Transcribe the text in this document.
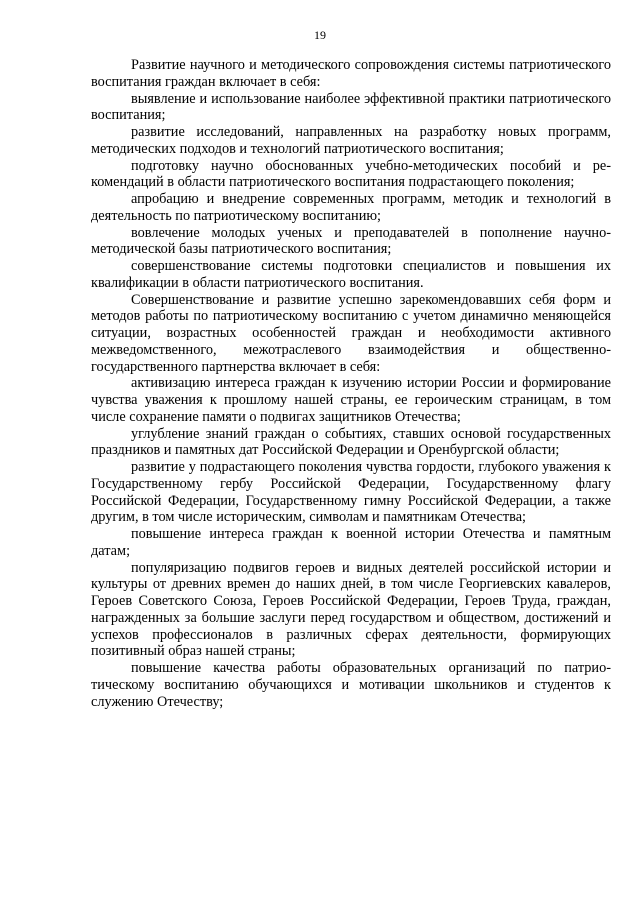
19

Развитие научного и методического сопровождения системы патриотического воспитания граждан включает в себя:

выявление и использование наиболее эффективной практики патриотического воспитания;

развитие исследований, направленных на разработку новых программ, методических подходов и технологий патриотического воспитания;

подготовку научно обоснованных учебно-методических пособий и рекомендаций в области патриотического воспитания подрастающего поколения;

апробацию и внедрение современных программ, методик и технологий в деятельность по патриотическому воспитанию;

вовлечение молодых ученых и преподавателей в пополнение научно-методической базы патриотического воспитания;

совершенствование системы подготовки специалистов и повышения их квалификации в области патриотического воспитания.

Совершенствование и развитие успешно зарекомендовавших себя форм и методов работы по патриотическому воспитанию с учетом динамично меняющейся ситуации, возрастных особенностей граждан и необходимости активного межведомственного, межотраслевого взаимодействия и общественно-государственного партнерства включает в себя:

активизацию интереса граждан к изучению истории России и формирование чувства уважения к прошлому нашей страны, ее героическим страницам, в том числе сохранение памяти о подвигах защитников Отечества;

углубление знаний граждан о событиях, ставших основой государственных праздников и памятных дат Российской Федерации и Оренбургской области;

развитие у подрастающего поколения чувства гордости, глубокого уважения к Государственному гербу Российской Федерации, Государственному флагу Российской Федерации, Государственному гимну Российской Федерации, а также другим, в том числе историческим, символам и памятникам Отечества;

повышение интереса граждан к военной истории Отечества и памятным датам;

популяризацию подвигов героев и видных деятелей российской истории и культуры от древних времен до наших дней, в том числе Георгиевских кавалеров, Героев Советского Союза, Героев Российской Федерации, Героев Труда, граждан, награжденных за большие заслуги перед государством и обществом, достижений и успехов профессионалов в различных сферах деятельности, формирующих позитивный образ нашей страны;

повышение качества работы образовательных организаций по патриотическому воспитанию обучающихся и мотивации школьников и студентов к служению Отечеству;
